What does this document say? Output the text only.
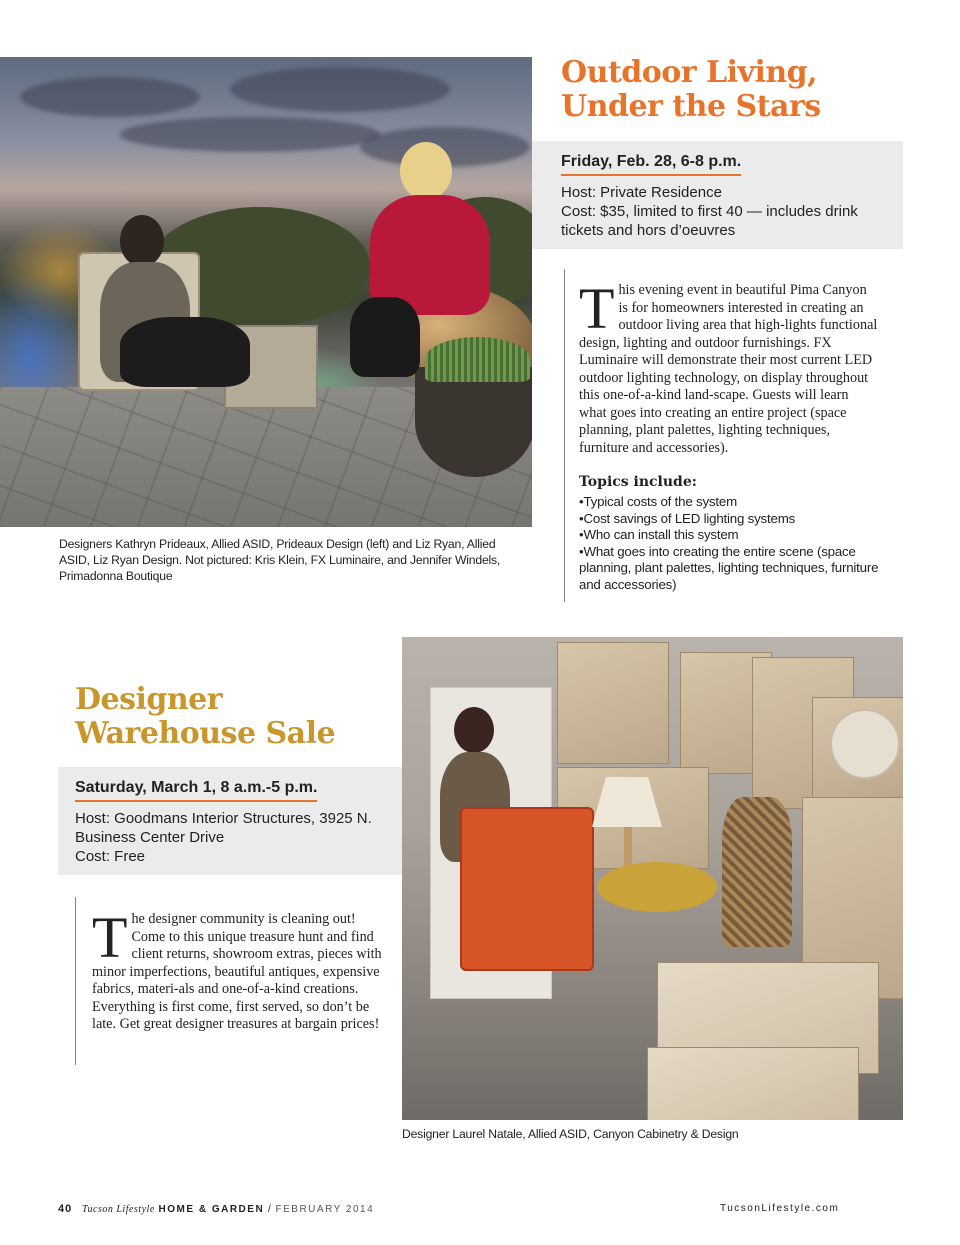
Outdoor Living,
Under the Stars
Friday, Feb. 28, 6-8 p.m.
Host: Private Residence
Cost: $35, limited to first 40 — includes drink tickets and hors d’oeuvres
Designers Kathryn Prideaux, Allied ASID, Prideaux Design (left) and Liz Ryan, Allied ASID, Liz Ryan Design. Not pictured: Kris Klein, FX Luminaire, and Jennifer Windels, Primadonna Boutique
This evening event in beautiful Pima Canyon is for homeowners interested in creating an outdoor living area that high-lights functional design, lighting and outdoor furnishings. FX Luminaire will demonstrate their most current LED outdoor lighting technology, on display throughout this one-of-a-kind land-scape. Guests will learn what goes into creating an entire project (space planning, plant palettes, lighting techniques, furniture and accessories).
Topics include:
• Typical costs of the system
• Cost savings of LED lighting systems
• Who can install this system
• What goes into creating the entire scene (space planning, plant palettes, lighting techniques, furniture and accessories)
Designer
Warehouse Sale
Saturday, March 1, 8 a.m.-5 p.m.
Host: Goodmans Interior Structures, 3925 N. Business Center Drive
Cost: Free
The designer community is cleaning out! Come to this unique treasure hunt and find client returns, showroom extras, pieces with minor imperfections, beautiful antiques, expensive fabrics, materi-als and one-of-a-kind creations. Everything is first come, first served, so don’t be late. Get great designer treasures at bargain prices!
Designer Laurel Natale, Allied ASID, Canyon Cabinetry & Design
40 Tucson Lifestyle HOME & GARDEN / FEBRUARY 2014	TucsonLifestyle.com
